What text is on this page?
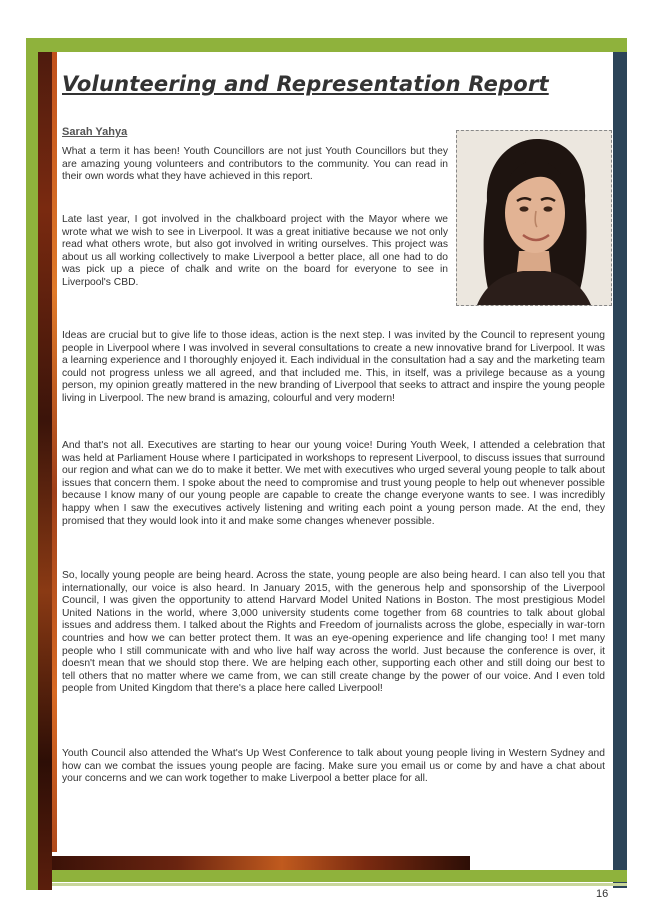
Volunteering and Representation Report
Sarah Yahya

What a term it has been! Youth Councillors are not just Youth Councillors but they are amazing young volunteers and contributors to the community. You can read in their own words what they have achieved in this report.

Late last year, I got involved in the chalkboard project with the Mayor where we wrote what we wish to see in Liverpool. It was a great initiative because we not only read what others wrote, but also got involved in writing ourselves. This project was about us all working collectively to make Liverpool a better place, all one had to do was pick up a piece of chalk and write on the board for everyone to see in Liverpool's CBD.

Ideas are crucial but to give life to those ideas, action is the next step. I was invited by the Council to represent young people in Liverpool where I was involved in several consultations to create a new innovative brand for Liverpool. It was a learning experience and I thoroughly enjoyed it. Each individual in the consultation had a say and the marketing team could not progress unless we all agreed, and that included me. This, in itself, was a privilege because as a young person, my opinion greatly mattered in the new branding of Liverpool that seeks to attract and inspire the young people living in Liverpool. The new brand is amazing, colourful and very modern!

And that's not all. Executives are starting to hear our young voice! During Youth Week, I attended a celebration that was held at Parliament House where I participated in workshops to represent Liverpool, to discuss issues that surround our region and what can we do to make it better. We met with executives who urged several young people to talk about issues that concern them. I spoke about the need to compromise and trust young people to help out whenever possible because I know many of our young people are capable to create the change everyone wants to see. I was incredibly happy when I saw the executives actively listening and writing each point a young person made. At the end, they promised that they would look into it and make some changes whenever possible.

So, locally young people are being heard. Across the state, young people are also being heard. I can also tell you that internationally, our voice is also heard. In January 2015, with the generous help and sponsorship of the Liverpool Council, I was given the opportunity to attend Harvard Model United Nations in Boston. The most prestigious Model United Nations in the world, where 3,000 university students come together from 68 countries to talk about global issues and address them. I talked about the Rights and Freedom of journalists across the globe, especially in war-torn countries and how we can better protect them. It was an eye-opening experience and life changing too! I met many people who I still communicate with and who live half way across the world. Just because the conference is over, it doesn't mean that we should stop there. We are helping each other, supporting each other and still doing our best to tell others that no matter where we came from, we can still create change by the power of our voice. And I even told people from United Kingdom that there's a place here called Liverpool!

Youth Council also attended the What's Up West Conference to talk about young people living in Western Sydney and how can we combat the issues young people are facing. Make sure you email us or come by and have a chat about your concerns and we can work together to make Liverpool a better place for all.

16
